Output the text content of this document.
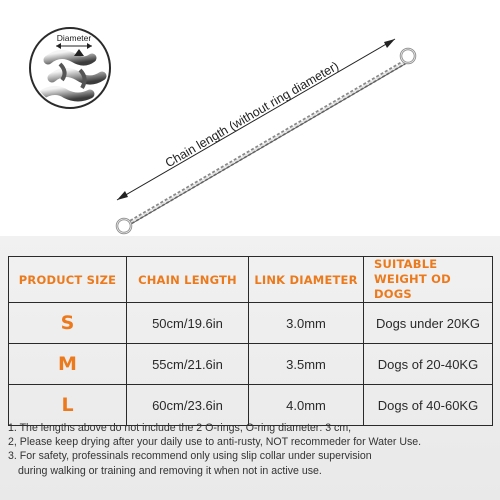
Diameter
Chain length (without ring diameter)
PRODUCT SIZE	CHAIN LENGTH	LINK DIAMETER	SUITABLE WEIGHT OD DOGS
S	50cm/19.6in	3.0mm	Dogs under 20KG
M	55cm/21.6in	3.5mm	Dogs of 20-40KG
L	60cm/23.6in	4.0mm	Dogs of 40-60KG

1. The lengths above do not include the 2 O-rings, O-ring diameter: 3 cm,

2, Please keep drying after your daily use to anti-rusty, NOT recommeder for Water Use.

3. For safety, professinals recommend only using slip collar under supervision

during walking or training and removing it when not in active use.
